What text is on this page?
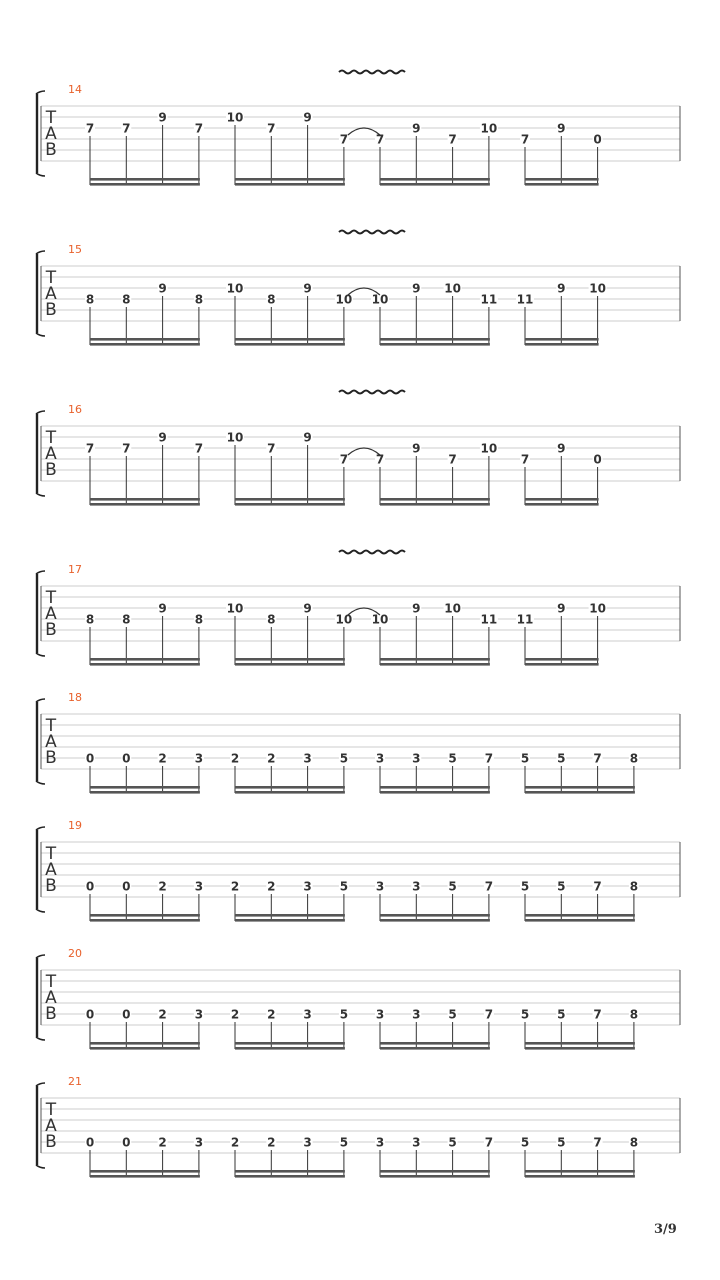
T
A
B
14
7 7
9
7
10
7
9
7 7
9
7
10
7
9
0
T
A
B
15
8 8
9
8
10
8
9
10 10
9 10
11 11
9 10
T
A
B
16
7 7
9
7
10
7
9
7 7
9
7
10
7
9
0
T
A
B
17
8 8
9
8
10
8
9
10 10
9 10
11 11
9 10
T
A
B
18
0 0 2 3 2 2 3 5 3 3 5 7 5 5 7 8
T
A
B
19
0 0 2 3 2 2 3 5 3 3 5 7 5 5 7 8
T
A
B
20
0 0 2 3 2 2 3 5 3 3 5 7 5 5 7 8
T
A
B
21
0 0 2 3 2 2 3 5 3 3 5 7 5 5 7 8
3/9
